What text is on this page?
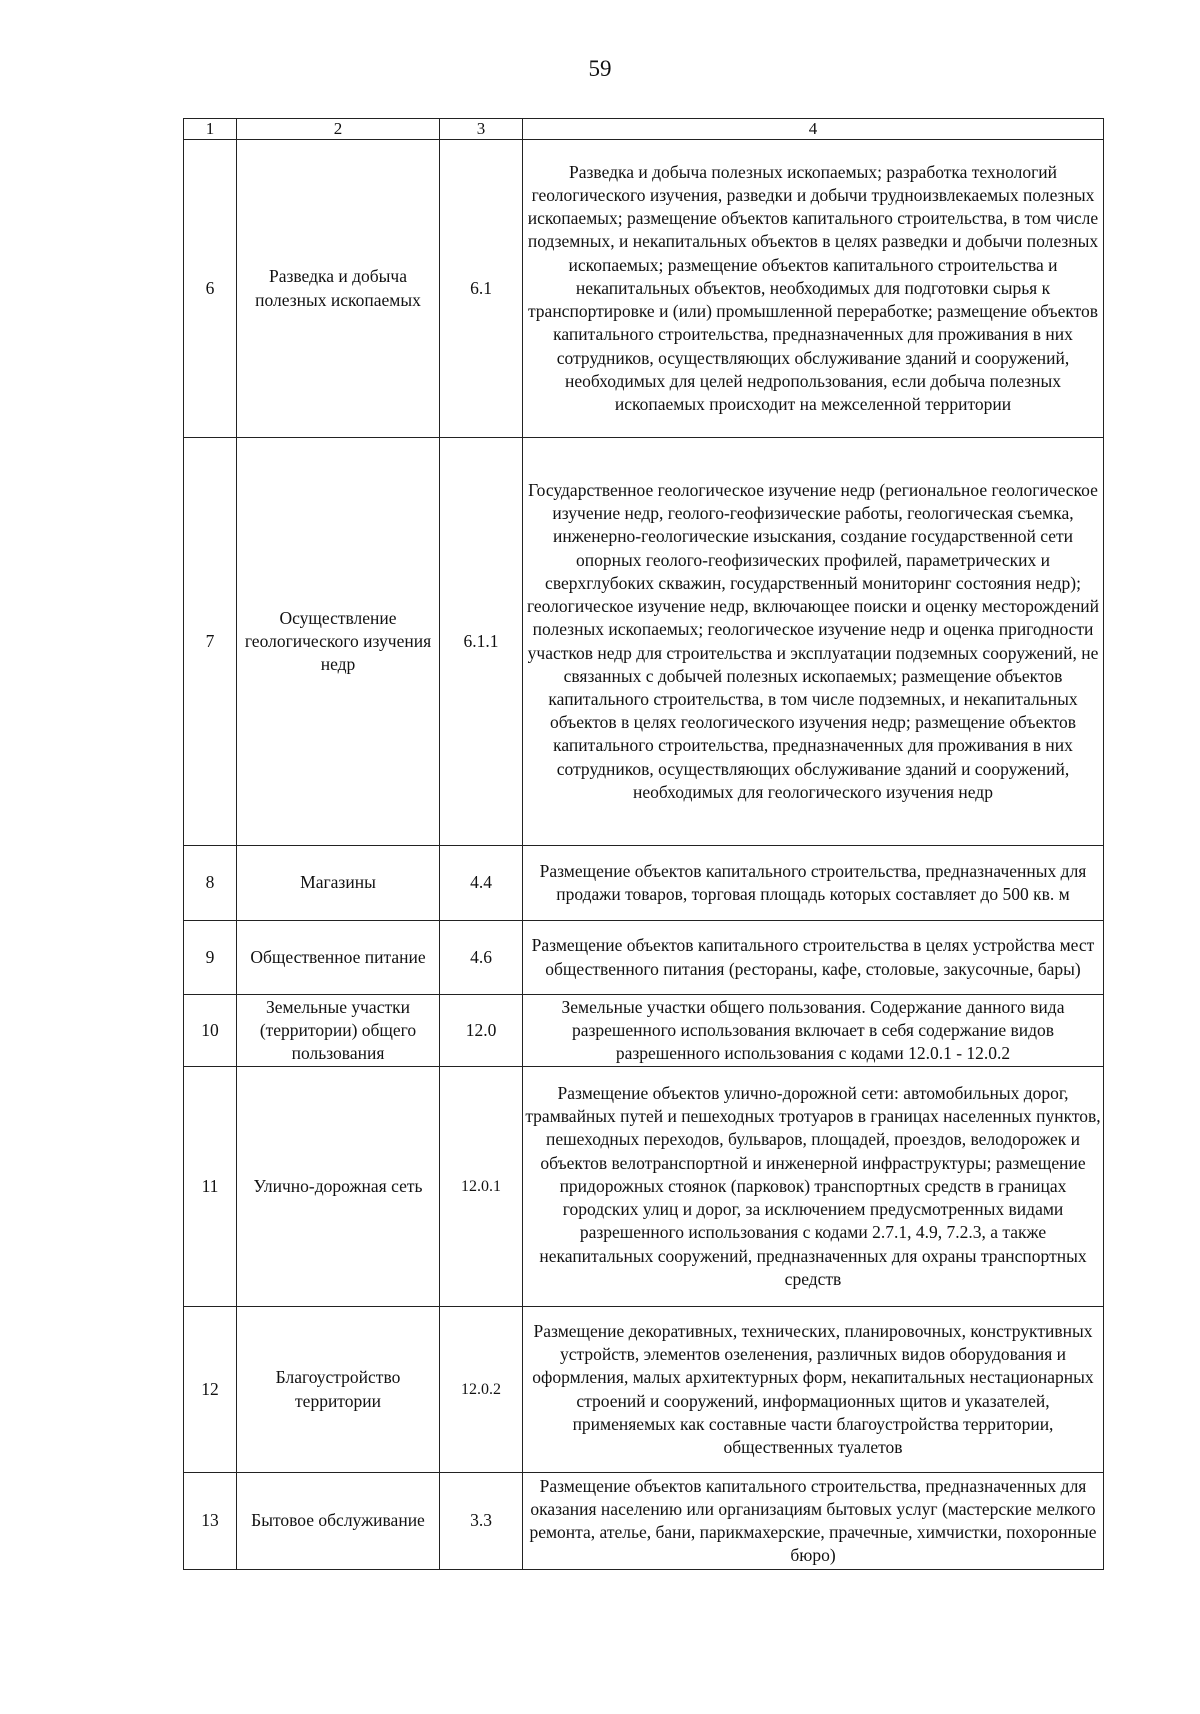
59
1	2	3	4
6	Разведка и добыча полезных ископаемых	6.1	Разведка и добыча полезных ископаемых; разработка технологий геологического изучения, разведки и добычи трудноизвлекаемых полезных ископаемых; размещение объектов капитального строительства, в том числе подземных, и некапитальных объектов в целях разведки и добычи полезных ископаемых; размещение объектов капитального строительства и некапитальных объектов, необходимых для подготовки сырья к транспортировке и (или) промышленной переработке; размещение объектов капитального строительства, предназначенных для проживания в них сотрудников, осуществляющих обслуживание зданий и сооружений, необходимых для целей недропользования, если добыча полезных ископаемых происходит на межселенной территории
7	Осуществление геологического изучения недр	6.1.1	Государственное геологическое изучение недр (региональное геологическое изучение недр, геолого-геофизические работы, геологическая съемка, инженерно-геологические изыскания, создание государственной сети опорных геолого-геофизических профилей, параметрических и сверхглубоких скважин, государственный мониторинг состояния недр); геологическое изучение недр, включающее поиски и оценку месторождений полезных ископаемых; геологическое изучение недр и оценка пригодности участков недр для строительства и эксплуатации подземных сооружений, не связанных с добычей полезных ископаемых; размещение объектов капитального строительства, в том числе подземных, и некапитальных объектов в целях геологического изучения недр; размещение объектов капитального строительства, предназначенных для проживания в них сотрудников, осуществляющих обслуживание зданий и сооружений, необходимых для геологического изучения недр
8	Магазины	4.4	Размещение объектов капитального строительства, предназначенных для продажи товаров, торговая площадь которых составляет до 500 кв. м
9	Общественное питание	4.6	Размещение объектов капитального строительства в целях устройства мест общественного питания (рестораны, кафе, столовые, закусочные, бары)
10	Земельные участки (территории) общего пользования	12.0	Земельные участки общего пользования. Содержание данного вида разрешенного использования включает в себя содержание видов разрешенного использования с кодами 12.0.1 - 12.0.2
11	Улично-дорожная сеть	12.0.1	Размещение объектов улично-дорожной сети: автомобильных дорог, трамвайных путей и пешеходных тротуаров в границах населенных пунктов, пешеходных переходов, бульваров, площадей, проездов, велодорожек и объектов велотранспортной и инженерной инфраструктуры; размещение придорожных стоянок (парковок) транспортных средств в границах городских улиц и дорог, за исключением предусмотренных видами разрешенного использования с кодами 2.7.1, 4.9, 7.2.3, а также некапитальных сооружений, предназначенных для охраны транспортных средств
12	Благоустройство территории	12.0.2	Размещение декоративных, технических, планировочных, конструктивных устройств, элементов озеленения, различных видов оборудования и оформления, малых архитектурных форм, некапитальных нестационарных строений и сооружений, информационных щитов и указателей, применяемых как составные части благоустройства территории, общественных туалетов
13	Бытовое обслуживание	3.3	Размещение объектов капитального строительства, предназначенных для оказания населению или организациям бытовых услуг (мастерские мелкого ремонта, ателье, бани, парикмахерские, прачечные, химчистки, похоронные бюро)
